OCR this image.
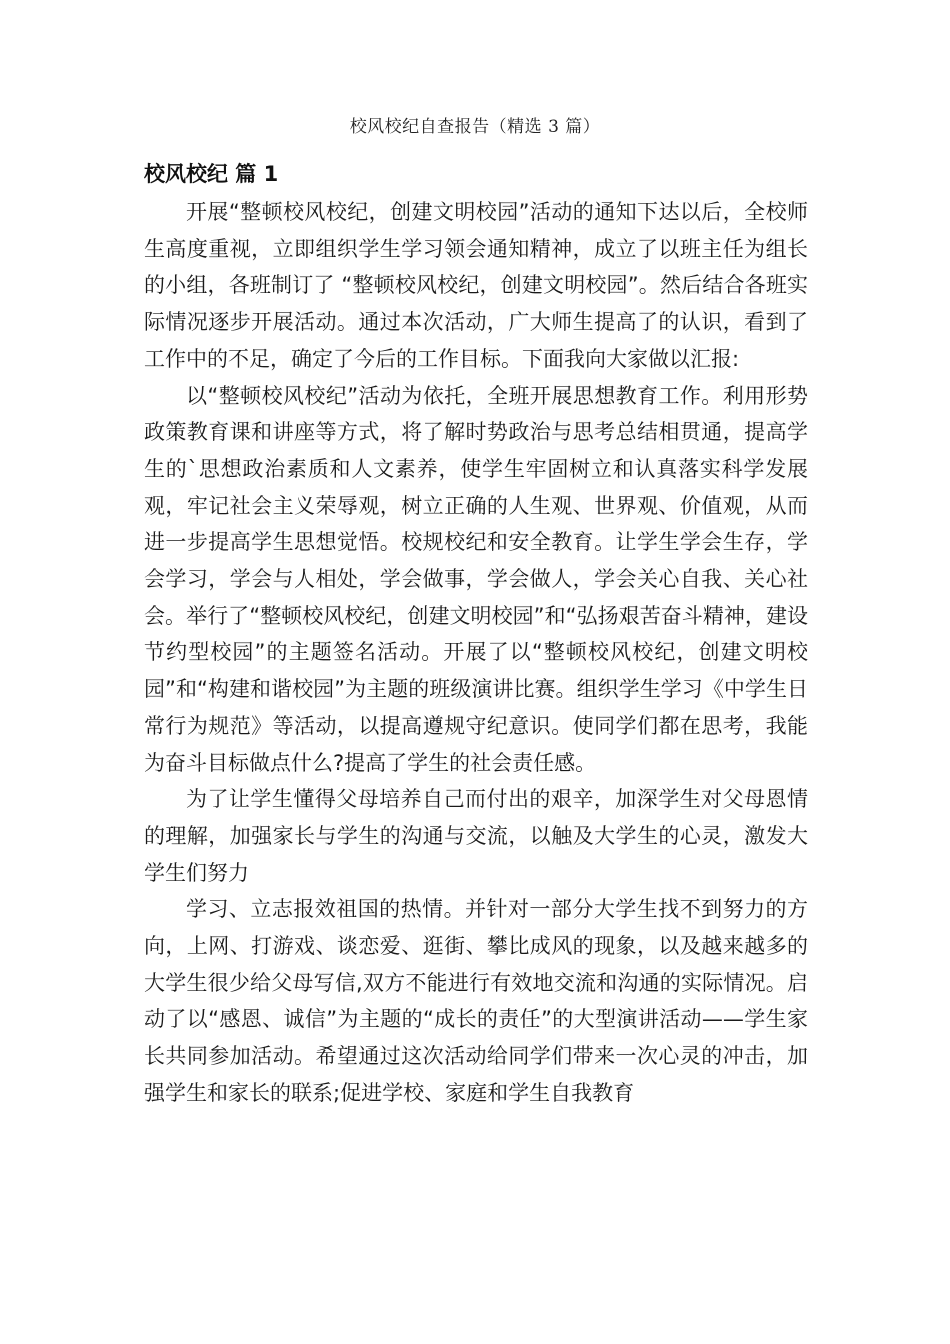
校风校纪自查报告（精选 3 篇）
校风校纪 篇 1

开展“整顿校风校纪，创建文明校园”活动的通知下达以后，全校师生高度重视，立即组织学生学习领会通知精神，成立了以班主任为组长的小组，各班制订了 “整顿校风校纪，创建文明校园”。然后结合各班实际情况逐步开展活动。通过本次活动，广大师生提高了的认识，看到了工作中的不足，确定了今后的工作目标。下面我向大家做以汇报:

以“整顿校风校纪”活动为依托，全班开展思想教育工作。利用形势政策教育课和讲座等方式，将了解时势政治与思考总结相贯通，提高学生的`思想政治素质和人文素养，使学生牢固树立和认真落实科学发展观，牢记社会主义荣辱观，树立正确的人生观、世界观、价值观，从而进一步提高学生思想觉悟。校规校纪和安全教育。让学生学会生存，学会学习，学会与人相处，学会做事，学会做人，学会关心自我、关心社会。举行了“整顿校风校纪，创建文明校园”和“弘扬艰苦奋斗精神，建设节约型校园”的主题签名活动。开展了以“整顿校风校纪，创建文明校园”和“构建和谐校园”为主题的班级演讲比赛。组织学生学习《中学生日常行为规范》等活动，以提高遵规守纪意识。使同学们都在思考，我能为奋斗目标做点什么?提高了学生的社会责任感。

为了让学生懂得父母培养自己而付出的艰辛，加深学生对父母恩情的理解，加强家长与学生的沟通与交流，以触及大学生的心灵，激发大学生们努力

学习、立志报效祖国的热情。并针对一部分大学生找不到努力的方向，上网、打游戏、谈恋爱、逛街、攀比成风的现象，以及越来越多的大学生很少给父母写信,双方不能进行有效地交流和沟通的实际情况。启动了以“感恩、诚信”为主题的“成长的责任”的大型演讲活动——学生家长共同参加活动。希望通过这次活动给同学们带来一次心灵的冲击，加强学生和家长的联系;促进学校、家庭和学生自我教育
